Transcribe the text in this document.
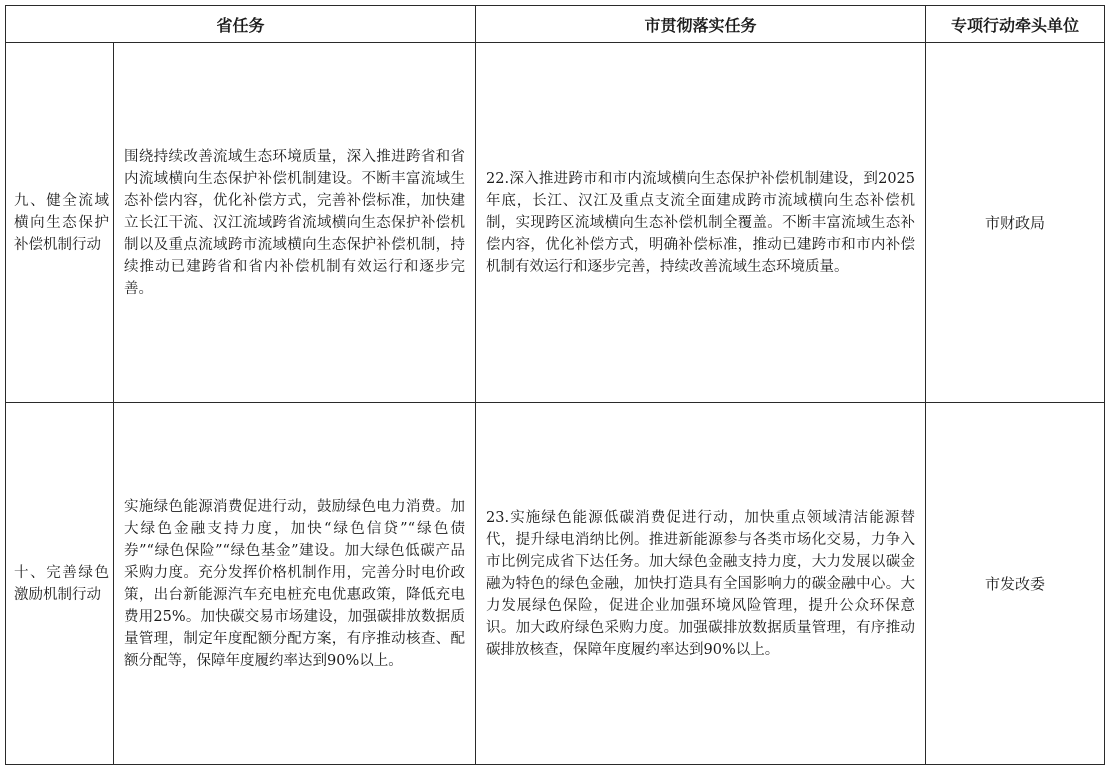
省任务		市贯彻落实任务	专项行动牵头单位

九、健全流域横向生态保护补偿机制行动	围绕持续改善流域生态环境质量，深入推进跨省和省内流域横向生态保护补偿机制建设。不断丰富流域生态补偿内容，优化补偿方式，完善补偿标准，加快建立长江干流、汉江流域跨省流域横向生态保护补偿机制以及重点流域跨市流域横向生态保护补偿机制，持续推动已建跨省和省内补偿机制有效运行和逐步完善。	22.深入推进跨市和市内流域横向生态保护补偿机制建设，到2025年底，长江、汉江及重点支流全面建成跨市流域横向生态补偿机制，实现跨区流域横向生态补偿机制全覆盖。不断丰富流域生态补偿内容，优化补偿方式，明确补偿标准，推动已建跨市和市内补偿机制有效运行和逐步完善，持续改善流域生态环境质量。	市财政局

十、完善绿色激励机制行动	实施绿色能源消费促进行动，鼓励绿色电力消费。加大绿色金融支持力度，加快“绿色信贷”“绿色债券”“绿色保险”“绿色基金”建设。加大绿色低碳产品采购力度。充分发挥价格机制作用，完善分时电价政策，出台新能源汽车充电桩充电优惠政策，降低充电费用25%。加快碳交易市场建设，加强碳排放数据质量管理，制定年度配额分配方案，有序推动核查、配额分配等，保障年度履约率达到90%以上。	23.实施绿色能源低碳消费促进行动，加快重点领域清洁能源替代，提升绿电消纳比例。推进新能源参与各类市场化交易，力争入市比例完成省下达任务。加大绿色金融支持力度，大力发展以碳金融为特色的绿色金融，加快打造具有全国影响力的碳金融中心。大力发展绿色保险，促进企业加强环境风险管理，提升公众环保意识。加大政府绿色采购力度。加强碳排放数据质量管理，有序推动碳排放核查，保障年度履约率达到90%以上。	市发改委
